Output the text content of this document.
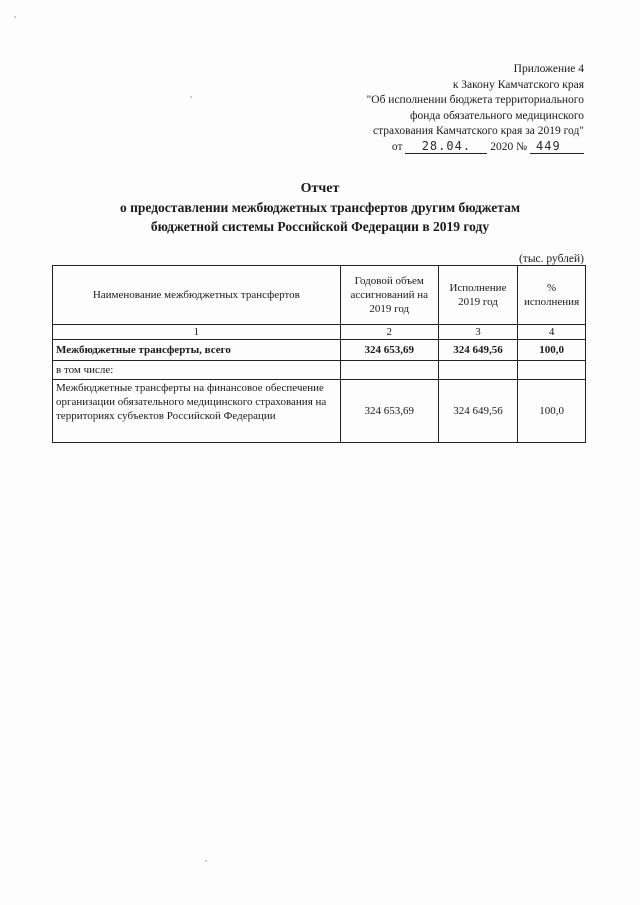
Приложение 4
к Закону Камчатского края
"Об исполнении бюджета территориального
фонда обязательного медицинского
страхования Камчатского края за 2019 год"
от 28.04. 2020 № 449
Отчет
о предоставлении межбюджетных трансфертов другим бюджетам
бюджетной системы Российской Федерации в 2019 году
(тыс. рублей)
Наименование межбюджетных трансфертов	Годовой объем ассигнований на 2019 год	Исполнение 2019 год	% исполнения
1	2	3	4
Межбюджетные трансферты, всего	324 653,69	324 649,56	100,0
в том числе:			
Межбюджетные трансферты на финансовое обеспечение организации обязательного медицинского страхования на территориях субъектов Российской Федерации	324 653,69	324 649,56	100,0
